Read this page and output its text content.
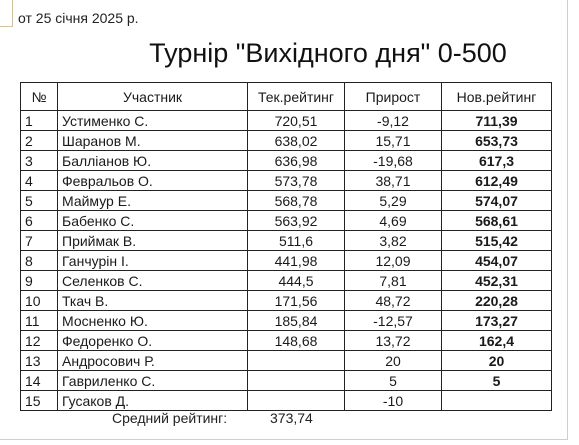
от 25 січня 2025 р.
Турнір "Вихідного дня" 0-500
№	Участник	Тек.рейтинг	Прирост	Нов.рейтинг
1	Устименко С.	720,51	-9,12	711,39
2	Шаранов М.	638,02	15,71	653,73
3	Баллiанов Ю.	636,98	-19,68	617,3
4	Февральов О.	573,78	38,71	612,49
5	Маймур Е.	568,78	5,29	574,07
6	Бабенко С.	563,92	4,69	568,61
7	Приймак В.	511,6	3,82	515,42
8	Ганчурiн I.	441,98	12,09	454,07
9	Селенков С.	444,5	7,81	452,31
10	Ткач В.	171,56	48,72	220,28
11	Мосненко Ю.	185,84	-12,57	173,27
12	Федоренко О.	148,68	13,72	162,4
13	Андросович Р.		20	20
14	Гавриленко С.		5	5
15	Гусаков Д.		-10	
Средний рейтинг:	373,74
